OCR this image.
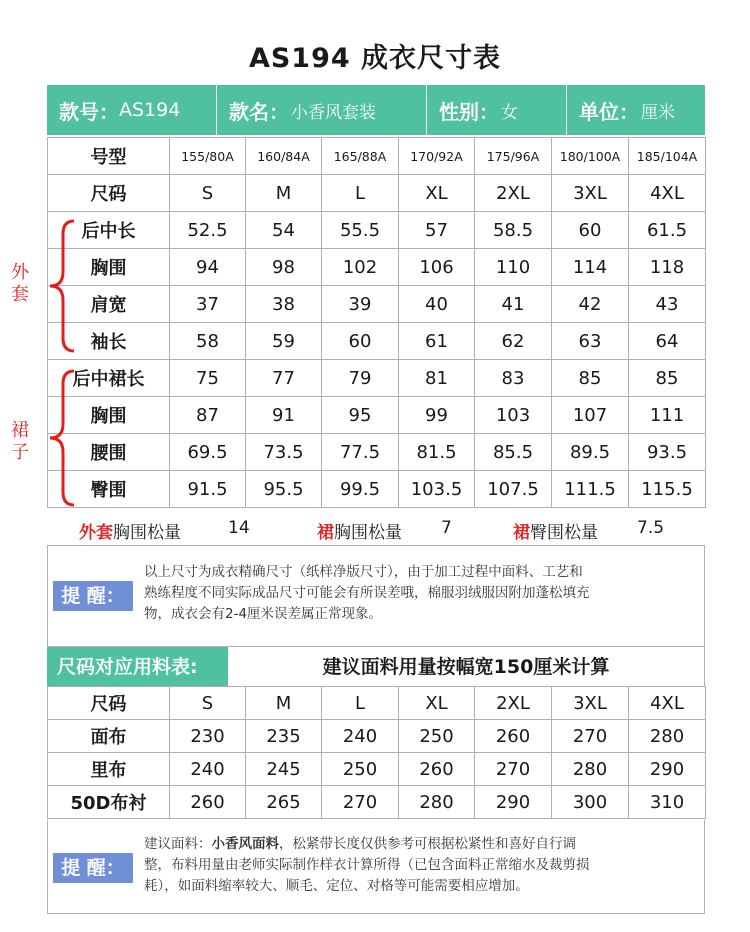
AS194 成衣尺寸表
款号： AS194 款名： 小香风套装	性别： 女	单位： 厘米
号型	155/80A	160/84A	165/88A	170/92A	175/96A	180/100A	185/104A
尺码	S	M	L	XL	2XL	3XL	4XL
后中长	52.5	54	55.5	57	58.5	60	61.5
胸围	94	98	102	106	110	114	118
肩宽	37	38	39	40	41	42	43
袖长	58	59	60	61	62	63	64
后中裙长	75	77	79	81	83	85	85
胸围	87	91	95	99	103	107	111
腰围	69.5	73.5	77.5	81.5	85.5	89.5	93.5
臀围	91.5	95.5	99.5	103.5	107.5	111.5	115.5
外套
裙子
外套胸围松量	14	裙胸围松量 7	裙臀围松量 7.5
提 醒：
以上尺寸为成衣精确尺寸（纸样净版尺寸），由于加工过程中面料、工艺和
熟练程度不同实际成品尺寸可能会有所误差哦，棉服羽绒服因附加蓬松填充
物，成衣会有2-4厘米误差属正常现象。
尺码对应用料表:	建议面料用量按幅宽150厘米计算
尺码	S	M	L	XL	2XL	3XL	4XL
面布	230	235	240	250	260	270	280
里布	240	245	250	260	270	280	290
50D布衬	260	265	270	280	290	300	310
提 醒：
建议面料：小香风面料，松紧带长度仅供参考可根据松紧性和喜好自行调
整，布料用量由老师实际制作样衣计算所得（已包含面料正常缩水及裁剪损
耗），如面料缩率较大、顺毛、定位、对格等可能需要相应增加。
